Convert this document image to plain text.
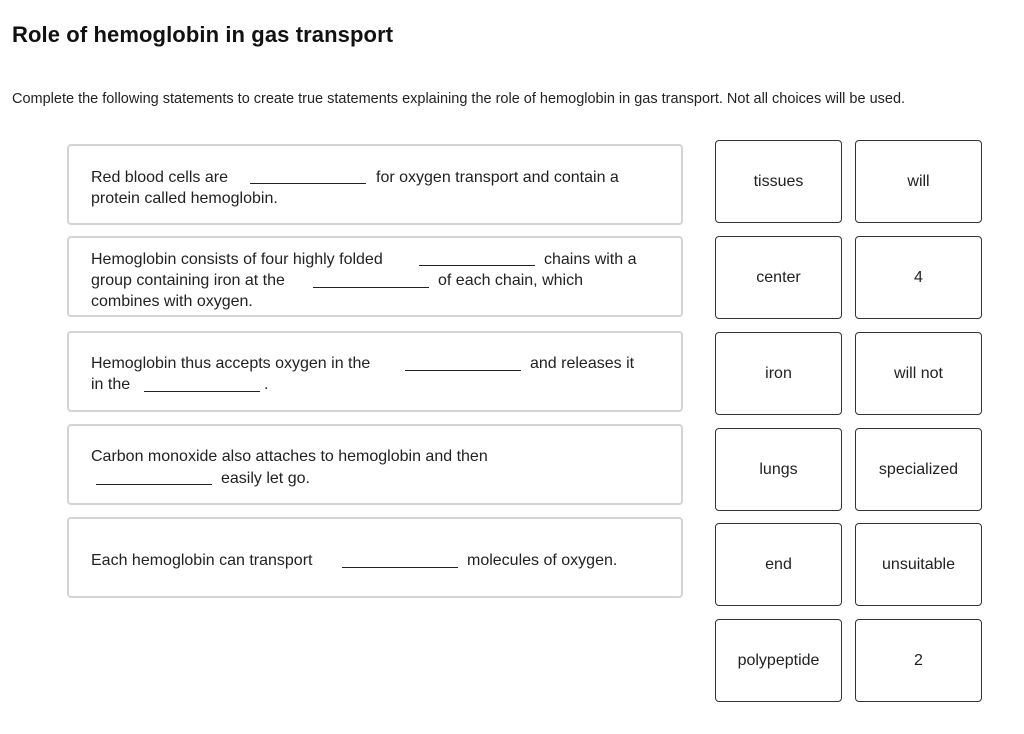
Role of hemoglobin in gas transport

Complete the following statements to create true statements explaining the role of hemoglobin in gas transport. Not all choices will be used.

Red blood cells are	for oxygen transport and contain a
protein called hemoglobin.
Hemoglobin consists of four highly folded	chains with a
group containing iron at the	of each chain, which
combines with oxygen.
Hemoglobin thus accepts oxygen in the	and releases it
in the	.
Carbon monoxide also attaches to hemoglobin and then
easily let go.
Each hemoglobin can transport	molecules of oxygen.
tissues
center
iron
lungs
end
polypeptide
will
4
will not
specialized
unsuitable
2
